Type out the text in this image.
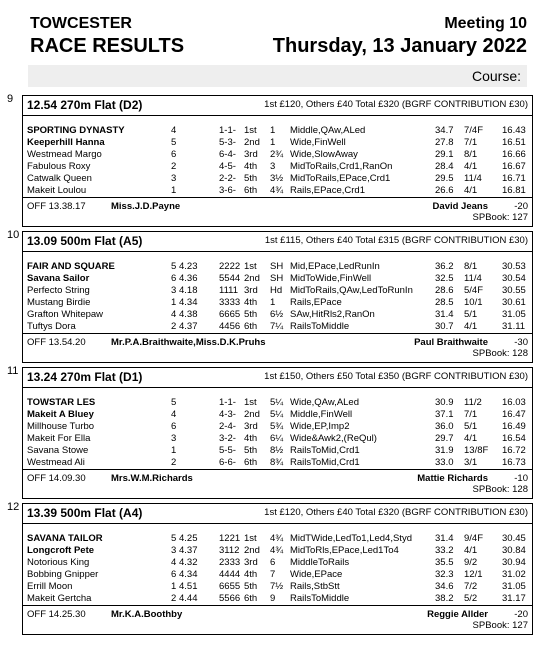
TOWCESTER
RACE RESULTS
Meeting 10
Thursday, 13 January 2022
Course:
9 12.54 270m Flat (D2)	1st £120, Others £40 Total £320 (BGRF CONTRIBUTION £30)
SPORTING DYNASTY	4	1-1- 1st 1 Middle,QAw,ALed	34.7 7/4F 16.43
Keeperhill Hanna	5	5-3- 2nd 1 Wide,FinWell	27.8 7/1	16.51
Westmead Margo	6	6-4- 3rd 2¾ Wide,SlowAway	29.1 8/1	16.66
Fabulous Roxy	2	4-5- 4th 3 MidToRails,Crd1,RanOn	28.4 4/1	16.67
Catwalk Queen	3	2-2- 5th 3½ MidToRails,EPace,Crd1	29.5 11/4 16.71
Makeit Loulou	1	3-6- 6th 4¾ Rails,EPace,Crd1	26.6 4/1	16.81
OFF 13.38.17	Miss.J.D.Payne	David Jeans	-20
SPBook: 127
10 13.09 500m Flat (A5)	1st £115, Others £40 Total £315 (BGRF CONTRIBUTION £30)
FAIR AND SQUARE	5 4.23 2222 1st SH Mid,EPace,LedRunIn	36.2 8/1	30.53
Savana Sailor	6 4.36 5544 2nd SH MidToWide,FinWell	32.5 11/4 30.54
Perfecto String	3 4.18 1111 3rd Hd MidToRails,QAw,LedToRunIn 28.6 5/4F 30.55
Mustang Birdie	1 4.34 3333 4th 1 Rails,EPace	28.5 10/1 30.61
Grafton Whitepaw	4 4.38 6665 5th 6½ SAw,HitRls2,RanOn	31.4 5/1	31.05
Tuftys Dora	2 4.37 4456 6th 7¼ RailsToMiddle	30.7 4/1	31.11
OFF 13.54.20	Mr.P.A.Braithwaite,Miss.D.K.Pruhs	Paul Braithwaite	-30
SPBook: 128
11 13.24 270m Flat (D1)	1st £150, Others £50 Total £350 (BGRF CONTRIBUTION £30)
TOWSTAR LES	5	1-1- 1st 5¼ Wide,QAw,ALed	30.9 11/2 16.03
Makeit A Bluey	4	4-3- 2nd 5¼ Middle,FinWell	37.1 7/1	16.47
Millhouse Turbo	6	2-4- 3rd 5¾ Wide,EP,Imp2	36.0 5/1	16.49
Makeit For Ella	3	3-2- 4th 6¼ Wide&Awk2,(ReQul)	29.7 4/1	16.54
Savana Stowe	1	5-5- 5th 8½ RailsToMid,Crd1	31.9 13/8F 16.72
Westmead Ali	2	6-6- 6th 8¾ RailsToMid,Crd1	33.0 3/1	16.73
OFF 14.09.30	Mrs.W.M.Richards	Mattie Richards	-10
SPBook: 128
12 13.39 500m Flat (A4)	1st £120, Others £40 Total £320 (BGRF CONTRIBUTION £30)
SAVANA TAILOR	5 4.25 1221 1st 4¾ MidTWide,LedTo1,Led4,Styd 31.4 9/4F 30.45
Longcroft Pete	3 4.37 3112 2nd 4¾ MidToRls,EPace,Led1To4	33.2 4/1	30.84
Notorious King	4 4.32 2333 3rd 6 MiddleToRails	35.5 9/2	30.94
Bobbing Gnipper	6 4.34 4444 4th 7 Wide,EPace	32.3 12/1 31.02
Errill Moon	1 4.51 6655 5th 7½ Rails,StbStt	34.6 7/2	31.05
Makeit Gertcha	2 4.44 5566 6th 9 RailsToMiddle	38.2 5/2	31.17
OFF 14.25.30	Mr.K.A.Boothby	Reggie Allder	-20
SPBook: 127
